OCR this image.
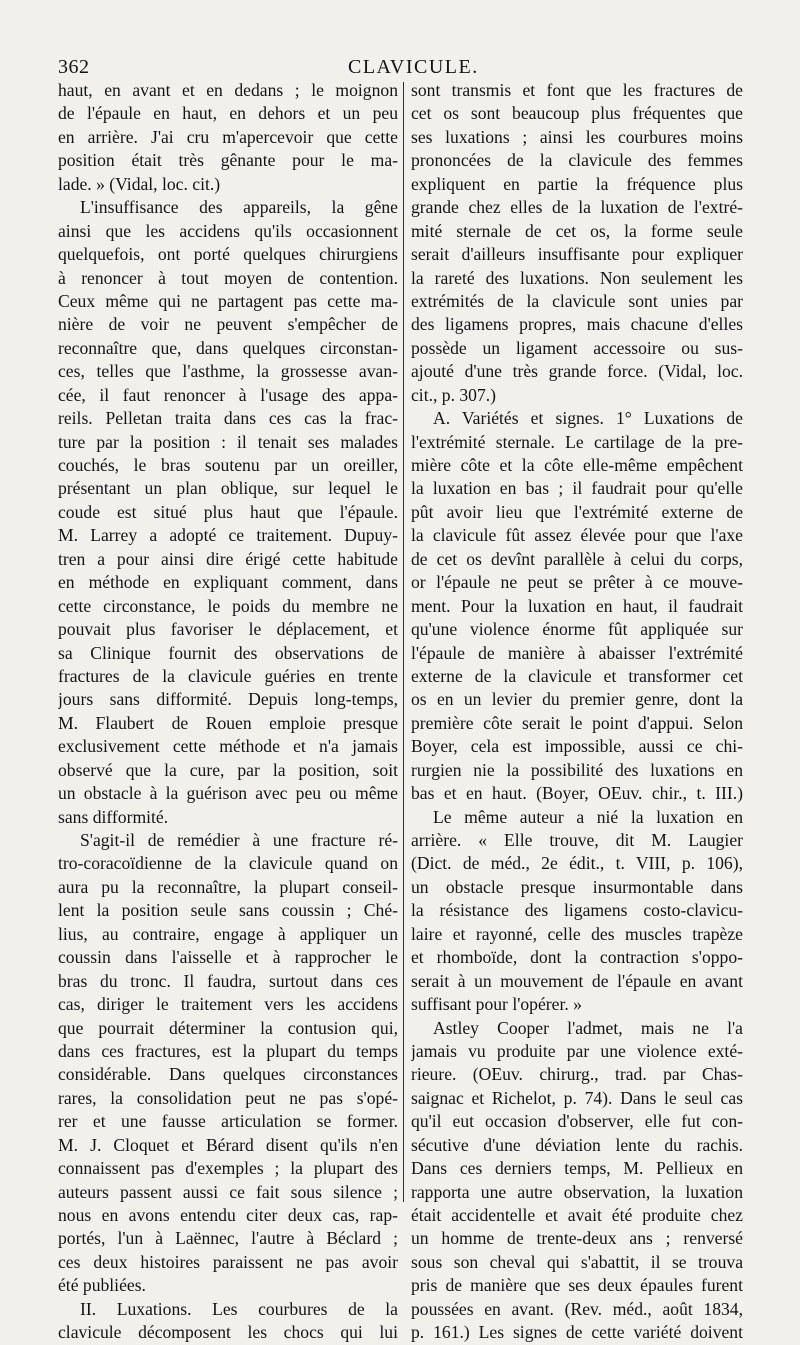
362	CLAVICULE.
haut, en avant et en dedans ; le moignon
de l'épaule en haut, en dehors et un peu
en arrière. J'ai cru m'apercevoir que cette
position était très gênante pour le ma-
lade. » (Vidal, loc. cit.)
L'insuffisance des appareils, la gêne
ainsi que les accidens qu'ils occasionnent
quelquefois, ont porté quelques chirurgiens
à renoncer à tout moyen de contention.
Ceux même qui ne partagent pas cette ma-
nière de voir ne peuvent s'empêcher de
reconnaître que, dans quelques circonstan-
ces, telles que l'asthme, la grossesse avan-
cée, il faut renoncer à l'usage des appa-
reils. Pelletan traita dans ces cas la frac-
ture par la position : il tenait ses malades
couchés, le bras soutenu par un oreiller,
présentant un plan oblique, sur lequel le
coude est situé plus haut que l'épaule.
M. Larrey a adopté ce traitement. Dupuy-
tren a pour ainsi dire érigé cette habitude
en méthode en expliquant comment, dans
cette circonstance, le poids du membre ne
pouvait plus favoriser le déplacement, et
sa Clinique fournit des observations de
fractures de la clavicule guéries en trente
jours sans difformité. Depuis long-temps,
M. Flaubert de Rouen emploie presque
exclusivement cette méthode et n'a jamais
observé que la cure, par la position, soit
un obstacle à la guérison avec peu ou même
sans difformité.
S'agit-il de remédier à une fracture ré-
tro-coracoïdienne de la clavicule quand on
aura pu la reconnaître, la plupart conseil-
lent la position seule sans coussin ; Ché-
lius, au contraire, engage à appliquer un
coussin dans l'aisselle et à rapprocher le
bras du tronc. Il faudra, surtout dans ces
cas, diriger le traitement vers les accidens
que pourrait déterminer la contusion qui,
dans ces fractures, est la plupart du temps
considérable. Dans quelques circonstances
rares, la consolidation peut ne pas s'opé-
rer et une fausse articulation se former.
M. J. Cloquet et Bérard disent qu'ils n'en
connaissent pas d'exemples ; la plupart des
auteurs passent aussi ce fait sous silence ;
nous en avons entendu citer deux cas, rap-
portés, l'un à Laënnec, l'autre à Béclard ;
ces deux histoires paraissent ne pas avoir
été publiées.
II. Luxations. Les courbures de la
clavicule décomposent les chocs qui lui
sont transmis et font que les fractures de
cet os sont beaucoup plus fréquentes que
ses luxations ; ainsi les courbures moins
prononcées de la clavicule des femmes
expliquent en partie la fréquence plus
grande chez elles de la luxation de l'extré-
mité sternale de cet os, la forme seule
serait d'ailleurs insuffisante pour expliquer
la rareté des luxations. Non seulement les
extrémités de la clavicule sont unies par
des ligamens propres, mais chacune d'elles
possède un ligament accessoire ou sus-
ajouté d'une très grande force. (Vidal, loc.
cit., p. 307.)
A. Variétés et signes. 1° Luxations de
l'extrémité sternale. Le cartilage de la pre-
mière côte et la côte elle-même empêchent
la luxation en bas ; il faudrait pour qu'elle
pût avoir lieu que l'extrémité externe de
la clavicule fût assez élevée pour que l'axe
de cet os devînt parallèle à celui du corps,
or l'épaule ne peut se prêter à ce mouve-
ment. Pour la luxation en haut, il faudrait
qu'une violence énorme fût appliquée sur
l'épaule de manière à abaisser l'extrémité
externe de la clavicule et transformer cet
os en un levier du premier genre, dont la
première côte serait le point d'appui. Selon
Boyer, cela est impossible, aussi ce chi-
rurgien nie la possibilité des luxations en
bas et en haut. (Boyer, OEuv. chir., t. III.)
Le même auteur a nié la luxation en
arrière. « Elle trouve, dit M. Laugier
(Dict. de méd., 2e édit., t. VIII, p. 106),
un obstacle presque insurmontable dans
la résistance des ligamens costo-clavicu-
laire et rayonné, celle des muscles trapèze
et rhomboïde, dont la contraction s'oppo-
serait à un mouvement de l'épaule en avant
suffisant pour l'opérer. »
Astley Cooper l'admet, mais ne l'a
jamais vu produite par une violence exté-
rieure. (OEuv. chirurg., trad. par Chas-
saignac et Richelot, p. 74). Dans le seul cas
qu'il eut occasion d'observer, elle fut con-
sécutive d'une déviation lente du rachis.
Dans ces derniers temps, M. Pellieux en
rapporta une autre observation, la luxation
était accidentelle et avait été produite chez
un homme de trente-deux ans ; renversé
sous son cheval qui s'abattit, il se trouva
pris de manière que ses deux épaules furent
poussées en avant. (Rev. méd., août 1834,
p. 161.) Les signes de cette variété doivent
